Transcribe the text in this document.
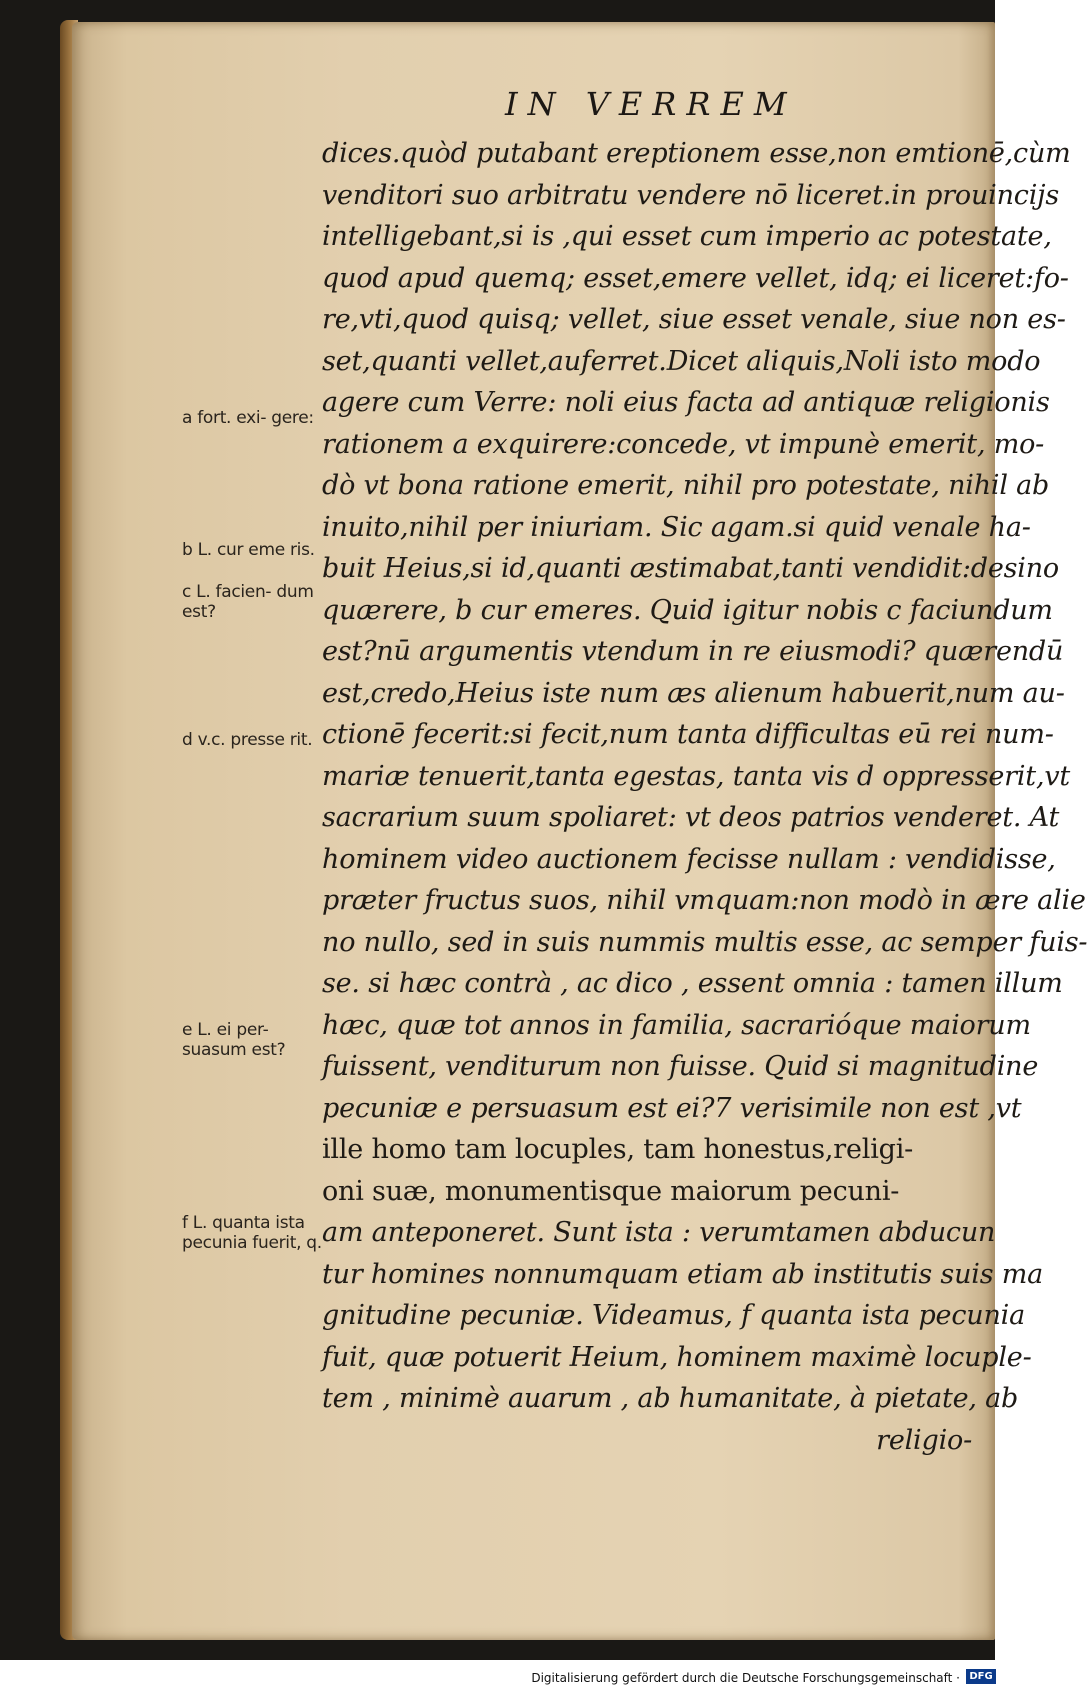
IN VERREM
dices.quòd putabant ereptionem esse,non emtionē,cùm
venditori suo arbitratu vendere nō liceret.in prouincijs
intelligebant,si is ,qui esset cum imperio ac potestate,
quod apud quemq; esset,emere vellet, idq; ei liceret:fo-
re,vti,quod quisq; vellet, siue esset venale, siue non es-
set,quanti vellet,auferret.Dicet aliquis,Noli isto modo
agere cum Verre: noli eius facta ad antiquæ religionis
rationem a exquirere:concede, vt impunè emerit, mo-
dò vt bona ratione emerit, nihil pro potestate, nihil ab
inuito,nihil per iniuriam. Sic agam.si quid venale ha-
buit Heius,si id,quanti æstimabat,tanti vendidit:desino
quærere, b cur emeres. Quid igitur nobis c faciundum
est?nū argumentis vtendum in re eiusmodi? quærendū
est,credo,Heius iste num æs alienum habuerit,num au-
ctionē fecerit:si fecit,num tanta difficultas eū rei num-
mariæ tenuerit,tanta egestas, tanta vis d oppresserit,vt
sacrarium suum spoliaret: vt deos patrios venderet. At
hominem video auctionem fecisse nullam : vendidisse,
præter fructus suos, nihil vmquam:non modò in ære alie
no nullo, sed in suis nummis multis esse, ac semper fuis-
se. si hæc contrà , ac dico , essent omnia : tamen illum
hæc, quæ tot annos in familia, sacrarióque maiorum
fuissent, venditurum non fuisse. Quid si magnitudine
pecuniæ e persuasum est ei?7 verisimile non est ,vt
ille homo tam locuples, tam honestus,religi-
oni suæ, monumentisque maiorum pecuni-
am anteponeret. Sunt ista : verumtamen abducun
tur homines nonnumquam etiam ab institutis suis ma
gnitudine pecuniæ. Videamus, f quanta ista pecunia
fuit, quæ potuerit Heium, hominem maximè locuple-
tem , minimè auarum , ab humanitate, à pietate, ab
religio-
a fort. exi- gere:
b L. cur eme ris.
c L. facien- dum est?
d v.c. presse rit.
e L. ei per- suasum est?
f L. quanta ista pecunia fuerit, q.
Digitalisierung gefördert durch die Deutsche Forschungsgemeinschaft · DFG
